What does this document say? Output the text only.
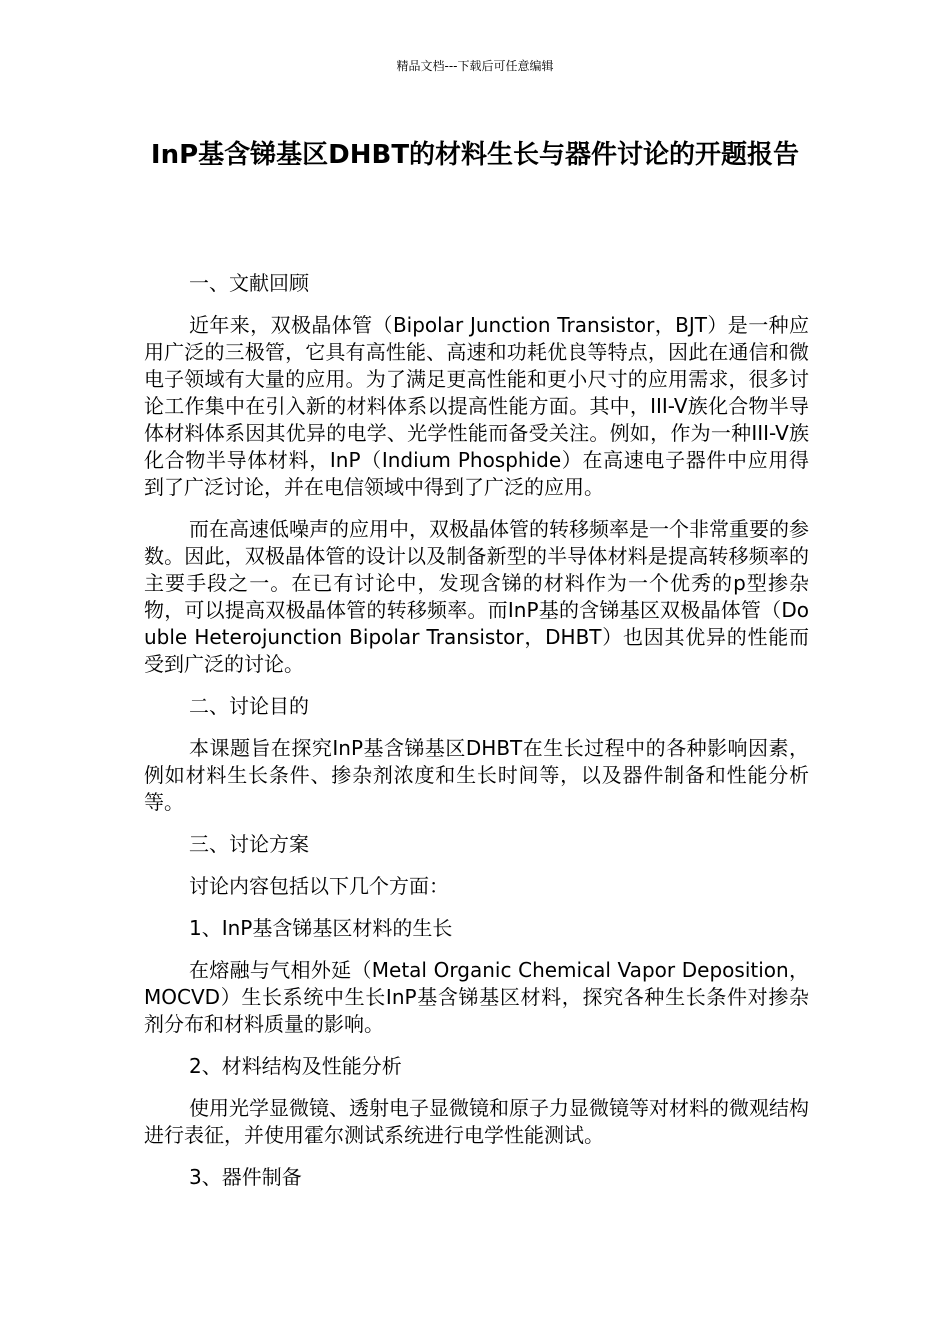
精品文档---下载后可任意编辑
InP基含锑基区DHBT的材料生长与器件讨论的开题报告

一、文献回顾

近年来，双极晶体管（Bipolar Junction Transistor，BJT）是一种应用广泛的三极管，它具有高性能、高速和功耗优良等特点，因此在通信和微电子领域有大量的应用。为了满足更高性能和更小尺寸的应用需求，很多讨论工作集中在引入新的材料体系以提高性能方面。其中，III-V族化合物半导体材料体系因其优异的电学、光学性能而备受关注。例如，作为一种III-V族化合物半导体材料，InP（Indium Phosphide）在高速电子器件中应用得到了广泛讨论，并在电信领域中得到了广泛的应用。

而在高速低噪声的应用中，双极晶体管的转移频率是一个非常重要的参数。因此，双极晶体管的设计以及制备新型的半导体材料是提高转移频率的主要手段之一。在已有讨论中，发现含锑的材料作为一个优秀的p型掺杂物，可以提高双极晶体管的转移频率。而InP基的含锑基区双极晶体管（Double Heterojunction Bipolar Transistor，DHBT）也因其优异的性能而受到广泛的讨论。

二、讨论目的

本课题旨在探究InP基含锑基区DHBT在生长过程中的各种影响因素，例如材料生长条件、掺杂剂浓度和生长时间等，以及器件制备和性能分析等。

三、讨论方案

讨论内容包括以下几个方面：

1、InP基含锑基区材料的生长

在熔融与气相外延（Metal Organic Chemical Vapor Deposition，MOCVD）生长系统中生长InP基含锑基区材料，探究各种生长条件对掺杂剂分布和材料质量的影响。

2、材料结构及性能分析

使用光学显微镜、透射电子显微镜和原子力显微镜等对材料的微观结构进行表征，并使用霍尔测试系统进行电学性能测试。

3、器件制备
